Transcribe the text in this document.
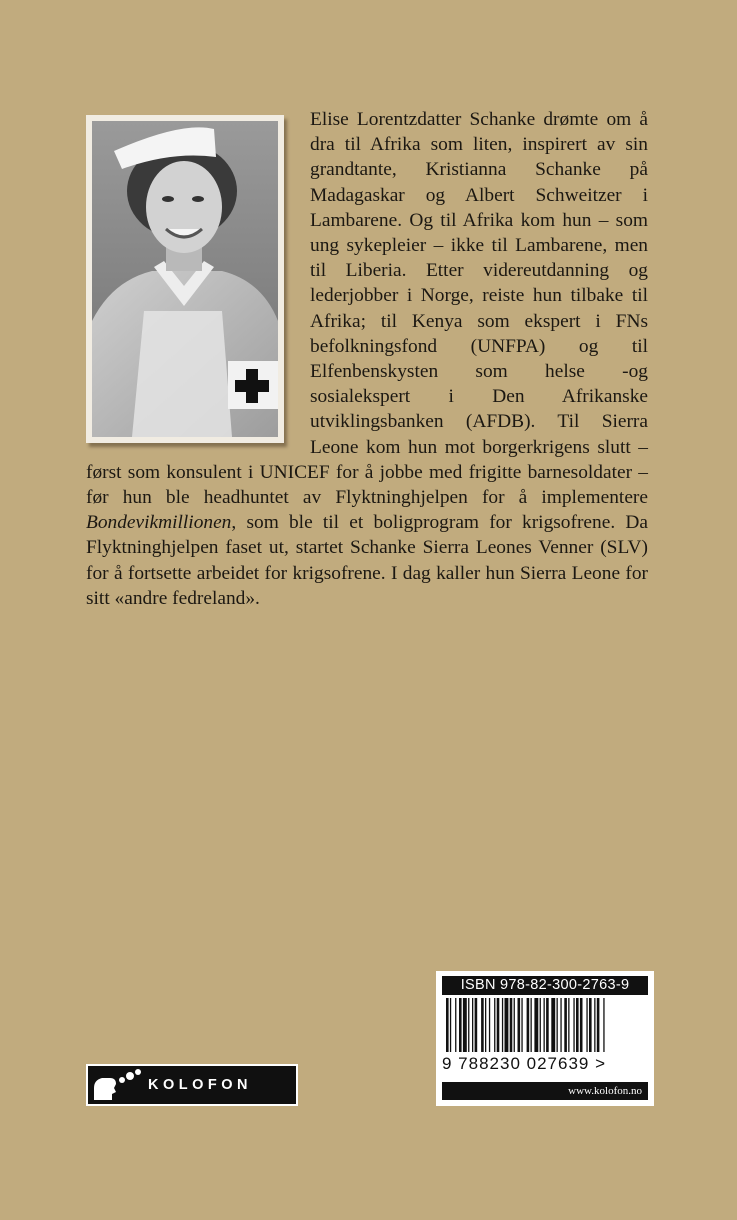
Elise Lorentzdatter Schanke drømte om å dra til Afrika som liten, inspirert av sin grandtante, Kristianna Schanke på Madagaskar og Albert Schweitzer i Lambarene. Og til Afrika kom hun – som ung sykepleier – ikke til Lambarene, men til Liberia. Etter videreutdanning og lederjobber i Norge, reiste hun tilbake til Afrika; til Kenya som ekspert i FNs befolkningsfond (UNFPA) og til Elfenbenskysten som helse -og sosialekspert i Den Afrikanske utviklingsbanken (AFDB). Til Sierra Leone kom hun mot borgerkrigens slutt – først som konsulent i UNICEF for å jobbe med frigitte barnesoldater – før hun ble headhuntet av Flyktninghjelpen for å implementere Bondevikmillionen, som ble til et boligprogram for krigsofrene. Da Flyktninghjelpen faset ut, startet Schanke Sierra Leones Venner (SLV) for å fortsette arbeidet for krigsofrene. I dag kaller hun Sierra Leone for sitt «andre fedreland».

ISBN 978-82-300-2763-9
9 788230 027639 >
www.kolofon.no
KOLOFON
